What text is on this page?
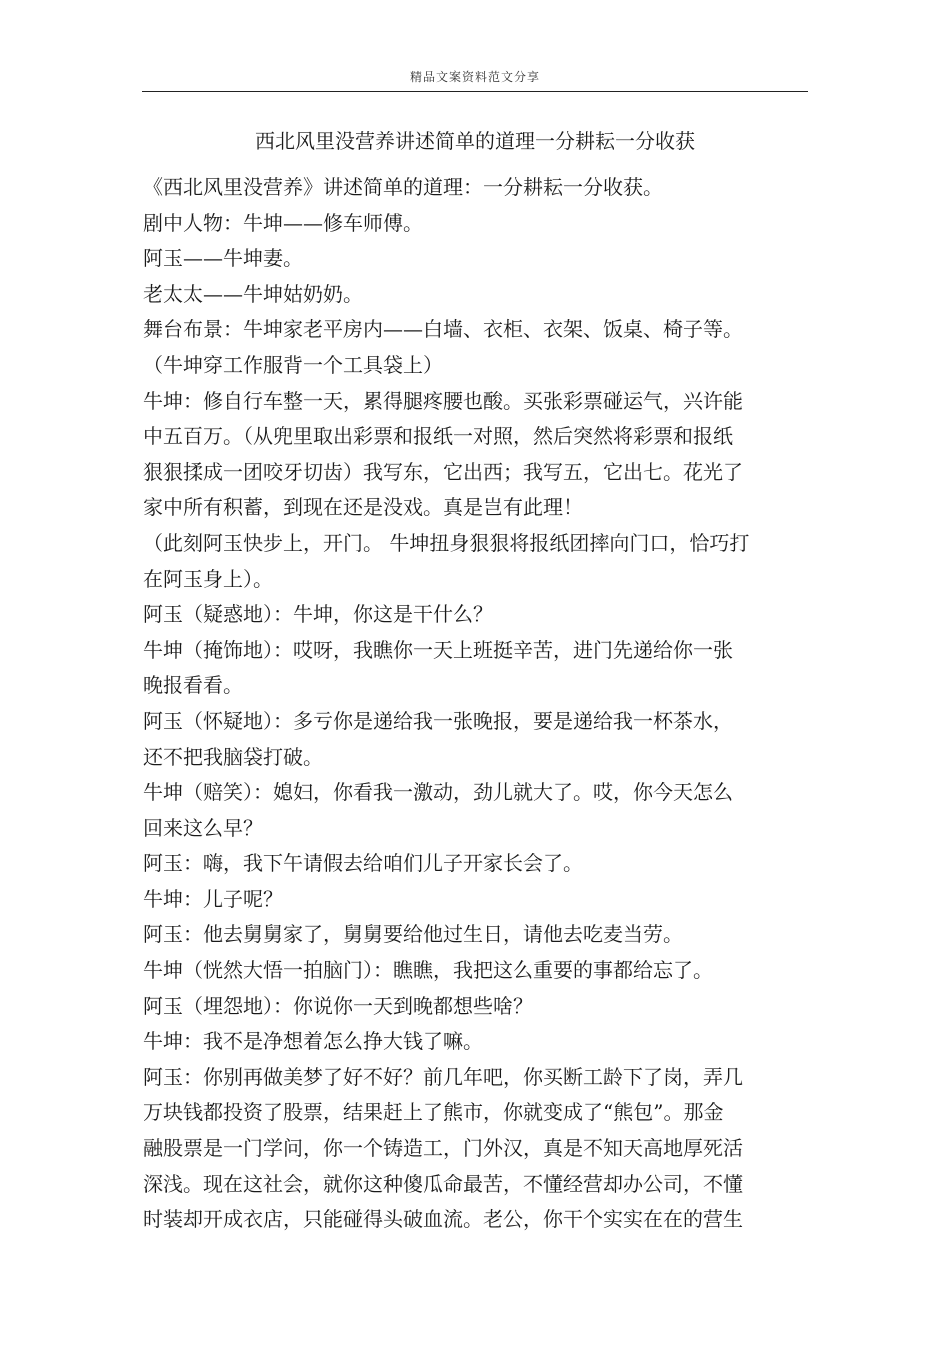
精品文案资料范文分享
西北风里没营养讲述简单的道理一分耕耘一分收获
《西北风里没营养》讲述简单的道理：一分耕耘一分收获。
剧中人物：牛坤——修车师傅。
阿玉——牛坤妻。
老太太——牛坤姑奶奶。
舞台布景：牛坤家老平房内——白墙、衣柜、衣架、饭桌、椅子等。
（牛坤穿工作服背一个工具袋上）
牛坤：修自行车整一天，累得腿疼腰也酸。买张彩票碰运气，兴许能
中五百万。（从兜里取出彩票和报纸一对照，然后突然将彩票和报纸
狠狠揉成一团咬牙切齿）我写东，它出西；我写五，它出七。花光了
家中所有积蓄，到现在还是没戏。真是岂有此理！
（此刻阿玉快步上，开门。 牛坤扭身狠狠将报纸团摔向门口，恰巧打
在阿玉身上）。
阿玉（疑惑地）：牛坤，你这是干什么？
牛坤（掩饰地）：哎呀，我瞧你一天上班挺辛苦，进门先递给你一张
晚报看看。
阿玉（怀疑地）：多亏你是递给我一张晚报，要是递给我一杯茶水，
还不把我脑袋打破。
牛坤（赔笑）：媳妇，你看我一激动，劲儿就大了。哎，你今天怎么
回来这么早？
阿玉：嗨，我下午请假去给咱们儿子开家长会了。
牛坤：儿子呢？
阿玉：他去舅舅家了，舅舅要给他过生日，请他去吃麦当劳。
牛坤（恍然大悟一拍脑门）：瞧瞧，我把这么重要的事都给忘了。
阿玉（埋怨地）：你说你一天到晚都想些啥？
牛坤：我不是净想着怎么挣大钱了嘛。
阿玉：你别再做美梦了好不好？前几年吧，你买断工龄下了岗，弄几
万块钱都投资了股票，结果赶上了熊市，你就变成了“熊包”。那金
融股票是一门学问，你一个铸造工，门外汉，真是不知天高地厚死活
深浅。现在这社会，就你这种傻瓜命最苦，不懂经营却办公司，不懂
时装却开成衣店，只能碰得头破血流。老公，你干个实实在在的营生
